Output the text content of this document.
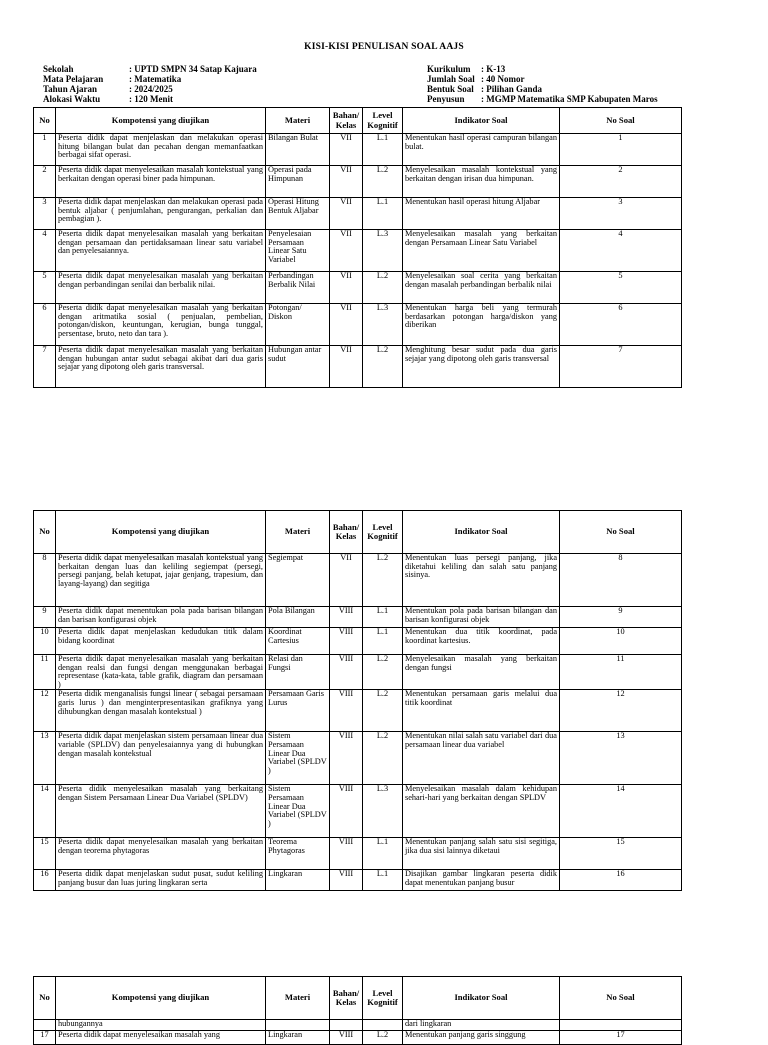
KISI-KISI PENULISAN SOAL AAJS
Sekolah	: UPTD SMPN 34 Satap Kajuara
Mata Pelajaran	: Matematika
Tahun Ajaran	: 2024/2025
Alokasi Waktu	: 120 Menit
Kurikulum	: K-13
Jumlah Soal : 40 Nomor
Bentuk Soal : Pilihan Ganda
Penyusun	: MGMP Matematika SMP Kabupaten Maros
No	Kompotensi yang diujikan	Materi	Bahan/ Kelas	Level Kognitif	Indikator Soal	No Soal
1	Peserta didik dapat menjelaskan dan melakukan operasi hitung bilangan bulat dan pecahan dengan memanfaatkan berbagai sifat operasi.	Bilangan Bulat	VII	L.1	Menentukan hasil operasi campuran bilangan bulat.	1
2	Peserta didik dapat menyelesaikan masalah kontekstual yang berkaitan dengan operasi biner pada himpunan.	Operasi pada Himpunan	VII	L.2	Menyelesaikan masalah kontekstual yang berkaitan dengan irisan dua himpunan.	2
3	Peserta didik dapat menjelaskan dan melakukan operasi pada bentuk aljabar ( penjumlahan, pengurangan, perkalian dan pembagian ).	Operasi Hitung Bentuk Aljabar	VII	L.1	Menentukan hasil operasi hitung Aljabar	3
4	Peserta didik dapat menyelesaikan masalah yang berkaitan dengan persamaan dan pertidaksamaan linear satu variabel dan penyelesaiannya.	Penyelesaian Persamaan Linear Satu Variabel	VII	L.3	Menyelesaikan masalah yang berkaitan dengan Persamaan Linear Satu Variabel	4
5	Peserta didik dapat menyelesaikan masalah yang berkaitan dengan perbandingan senilai dan berbalik nilai.	Perbandingan Berbalik Nilai	VII	L.2	Menyelesaikan soal cerita yang berkaitan dengan masalah perbandingan berbalik nilai	5
6	Peserta didik dapat menyelesaikan masalah yang berkaitan dengan aritmatika sosial ( penjualan, pembelian, potongan/diskon, keuntungan, kerugian, bunga tunggal, persentase, bruto, neto dan tara ).	Potongan/ Diskon	VII	L.3	Menentukan harga beli yang termurah berdasarkan potongan harga/diskon yang diberikan	6
7	Peserta didik dapat menyelesaikan masalah yang berkaitan dengan hubungan antar sudut sebagai akibat dari dua garis sejajar yang dipotong oleh garis transversal.	Hubungan antar sudut	VII	L.2	Menghitung besar sudut pada dua garis sejajar yang dipotong oleh garis transversal	7
No	Kompotensi yang diujikan	Materi	Bahan/ Kelas	Level Kognitif	Indikator Soal	No Soal
8	Peserta didik dapat menyelesaikan masalah kontekstual yang berkaitan dengan luas dan keliling segiempat (persegi, persegi panjang, belah ketupat, jajar genjang, trapesium, dan layang-layang) dan segitiga	Segiempat	VII	L.2	Menentukan luas persegi panjang, jika diketahui keliling dan salah satu panjang sisinya.	8
9	Peserta didik dapat menentukan pola pada barisan bilangan dan barisan konfigurasi objek	Pola Bilangan	VIII	L.1	Menentukan pola pada barisan bilangan dan barisan konfigurasi objek	9
10	Peserta didik dapat menjelaskan kedudukan titik dalam bidang koordinat	Koordinat Cartesius	VIII	L.1	Menentukan dua titik koordinat, pada koordinat kartesius.	10
11	Peserta didik dapat menyelesaikan masalah yang berkaitan dengan realsi dan fungsi dengan menggunakan berbagai representase (kata-kata, table grafik, diagram dan persamaan )	Relasi dan Fungsi	VIII	L.2	Menyelesaikan masalah yang berkaitan dengan fungsi	11
12	Peserta didik menganalisis fungsi linear ( sebagai persamaan garis lurus ) dan menginterpresentasikan grafiknya yang dihubungkan dengan masalah kontekstual )	Persamaan Garis Lurus	VIII	L.2	Menentukan persamaan garis melalui dua titik koordinat	12
13	Peserta didik dapat menjelaskan sistem persamaan linear dua variable (SPLDV) dan penyelesaiannya yang di hubungkan dengan masalah kontekstual	Sistem Persamaan Linear Dua Variabel (SPLDV )	VIII	L.2	Menentukan nilai salah satu variabel dari dua persamaan linear dua variabel	13
14	Peserta didik menyelesaikan masalah yang berkaitang dengan Sistem Persamaan Linear Dua Variabel (SPLDV)	Sistem Persamaan Linear Dua Variabel (SPLDV )	VIII	L.3	Menyelesaikan masalah dalam kehidupan sehari-hari yang berkaitan dengan SPLDV	14
15	Peserta didik dapat menyelesaikan masalah yang berkaitan dengan teorema phytagoras	Teorema Phytagoras	VIII	L.1	Menentukan panjang salah satu sisi segitiga, jika dua sisi lainnya diketaui	15
16	Peserta didik dapat menjelaskan sudut pusat, sudut keliling panjang busur dan luas juring lingkaran serta	Lingkaran	VIII	L.1	Disajikan gambar lingkaran peserta didik dapat menentukan panjang busur	16
No	Kompotensi yang diujikan	Materi	Bahan/ Kelas	Level Kognitif	Indikator Soal	No Soal
	hubungannya				dari lingkaran	
17	Peserta didik dapat menyelesaikan masalah yang	Lingkaran	VIII	L.2	Menentukan panjang garis singgung	17
